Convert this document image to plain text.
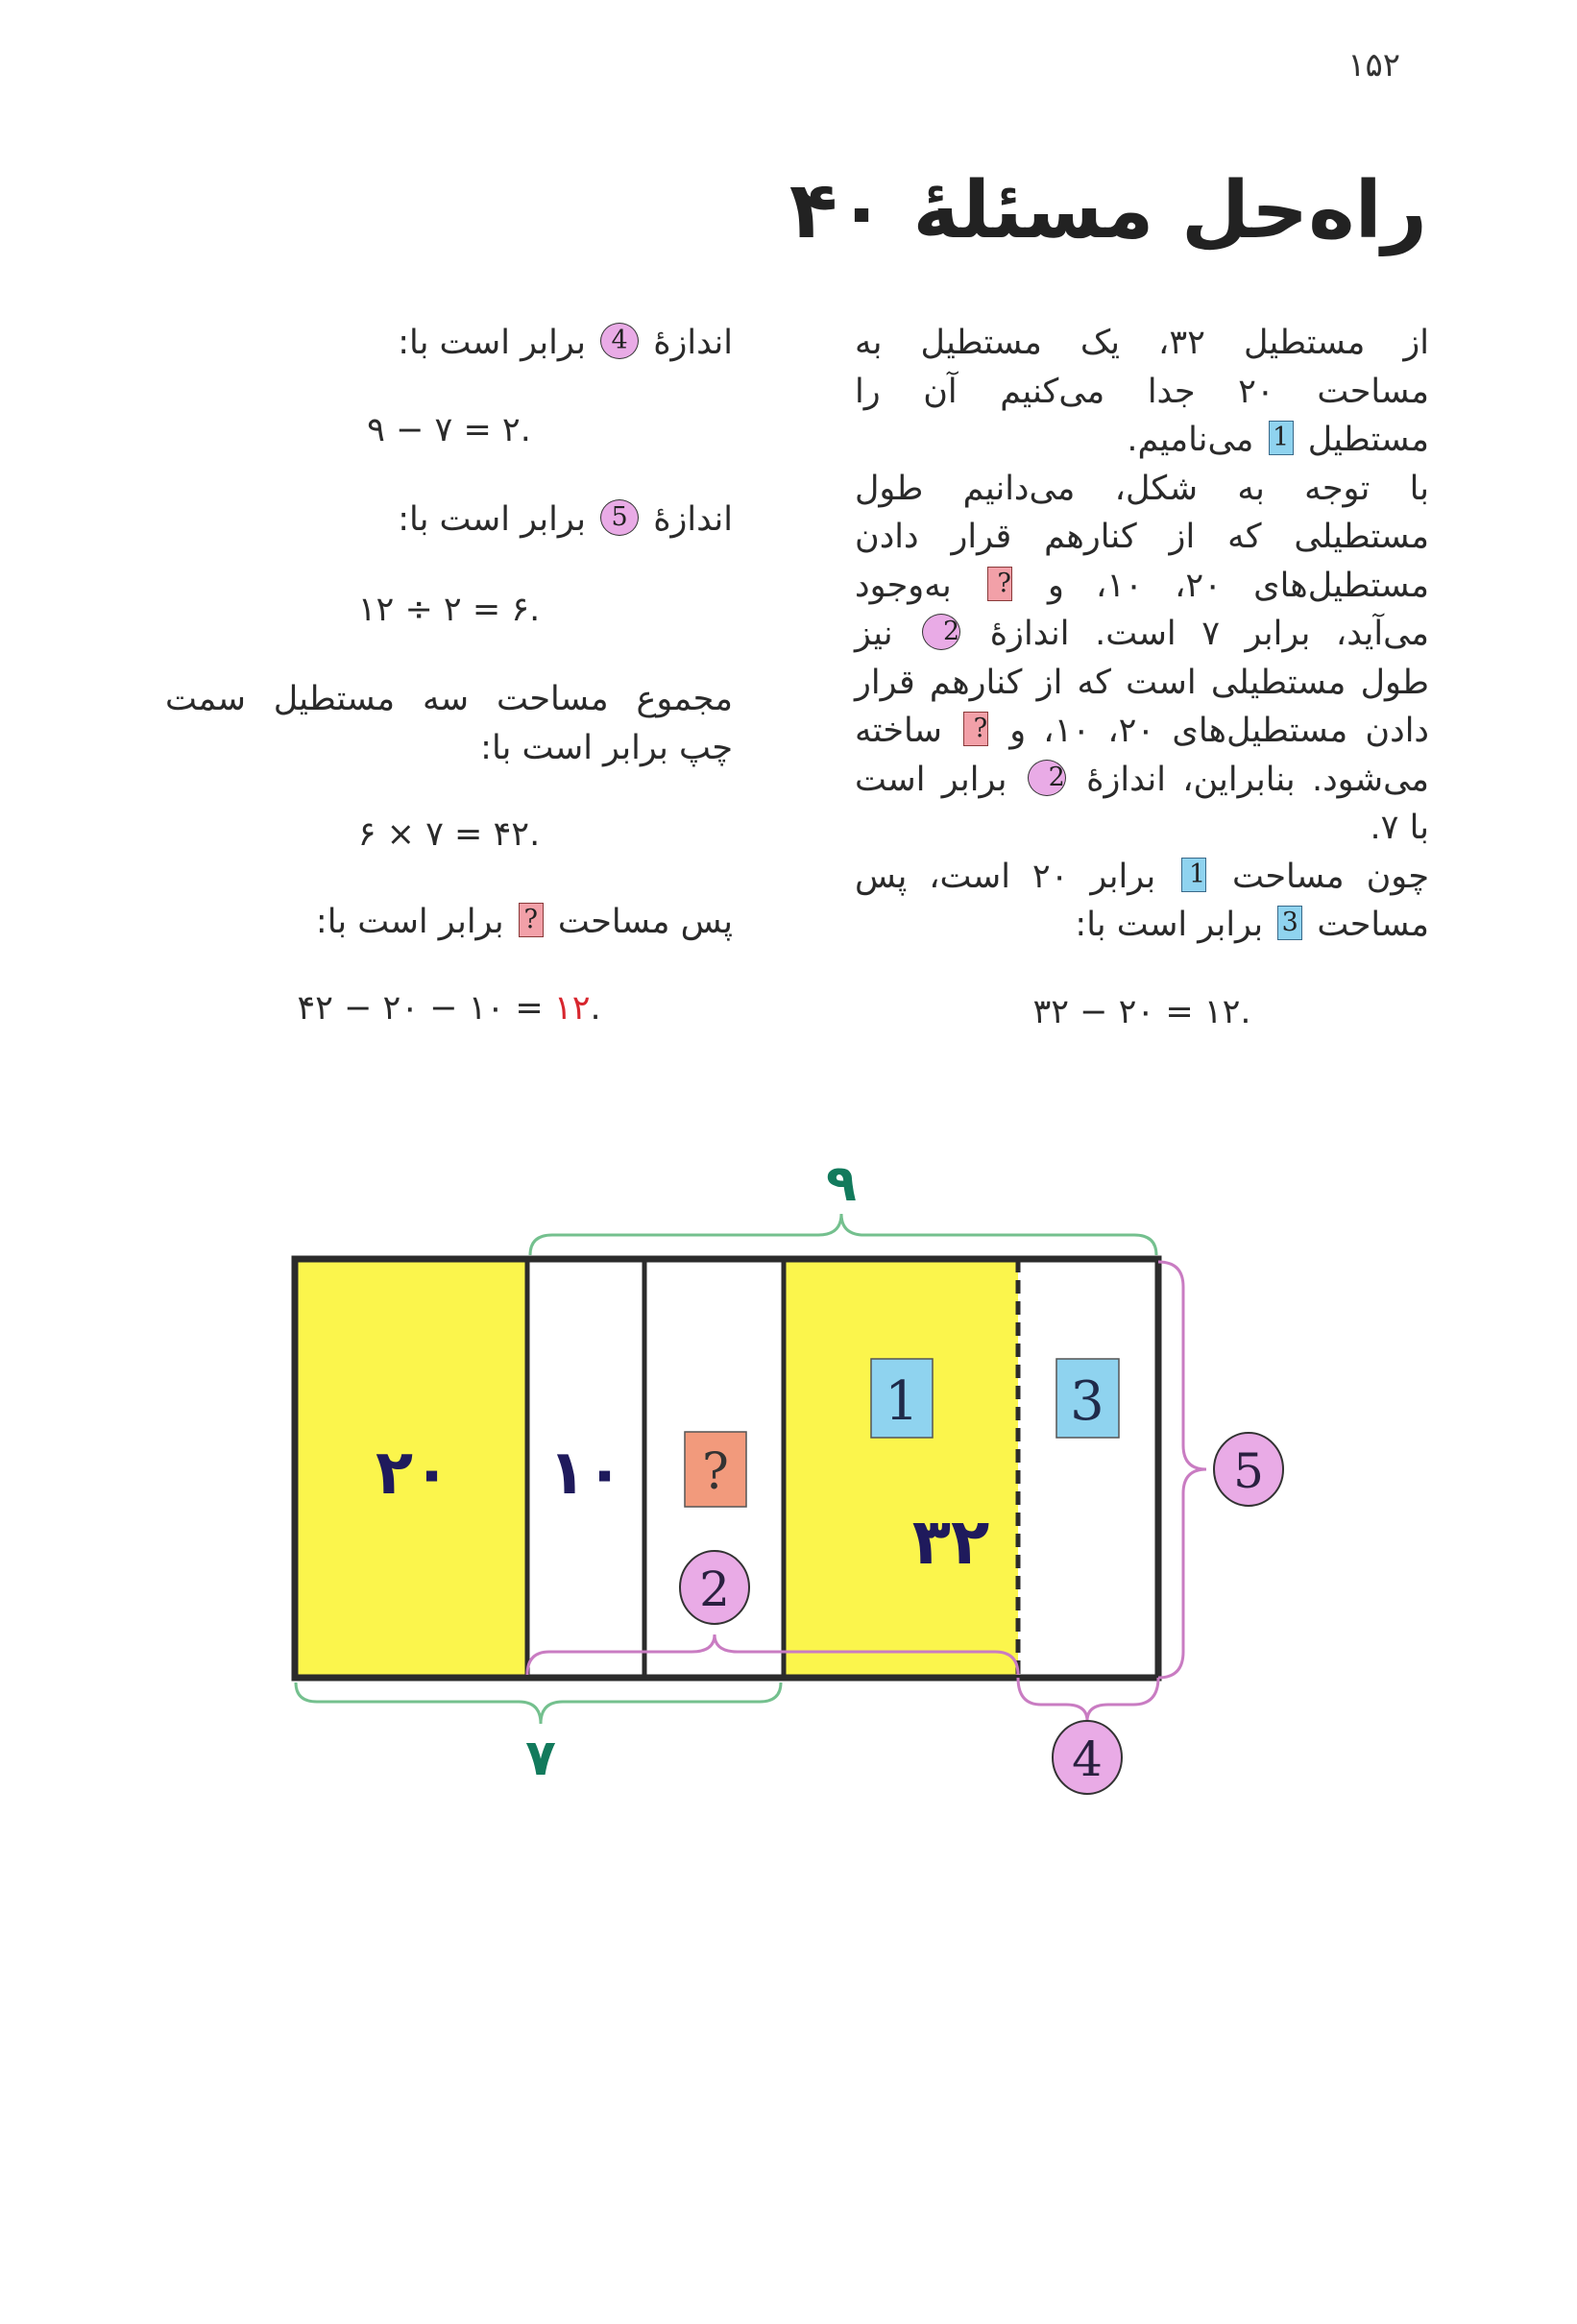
۱۵۲
راه‌حل مسئلهٔ ۴۰
از مستطیل ۳۲، یک مستطیل به
مساحت ۲۰ جدا می‌کنیم آن را
مستطیل 1 می‌نامیم.
با توجه به شکل، می‌دانیم طول
مستطیلی که از کنارهم قرار دادن
مستطیل‌های ۲۰، ۱۰، و ? به‌وجود
می‌آید، برابر ۷ است. اندازهٔ 2 نیز
طول مستطیلی است که از کنارهم قرار
دادن مستطیل‌های ۲۰، ۱۰، و ? ساخته
می‌شود. بنابراین، اندازهٔ 2 برابر است
با ۷.
چون مساحت 1 برابر ۲۰ است، پس
مساحت 3 برابر است با:
۳۲ − ۲۰ = ۱۲.
اندازهٔ 4 برابر است با:
۹ − ۷ = ۲.
اندازهٔ 5 برابر است با:
۱۲ ÷ ۲ = ۶.
مجموع مساحت سه مستطیل سمت
چپ برابر است با:
۶ × ۷ = ۴۲.
پس مساحت ? برابر است با:
۴۲ − ۲۰ − ۱۰ = ۱۲.
۲۰ ۱۰
۳۲
?
1	3
2
5
4
۹
۷
